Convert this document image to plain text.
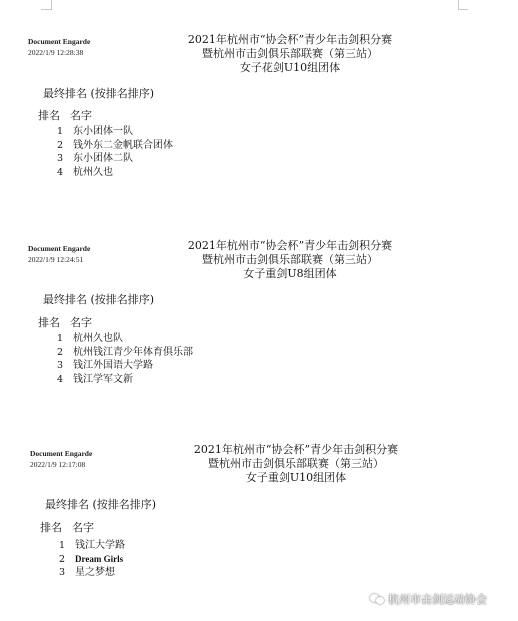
Document Engarde
2022/1/9 12:28:38
2021年杭州市“协会杯”青少年击剑积分赛
暨杭州市击剑俱乐部联赛（第三站）
女子花剑U10组团体
最终排名 (按排名排序)
排名 名字
1 东小团体一队
2 钱外东二金帆联合团体
3 东小团体二队
4 杭州久也
Document Engarde
2022/1/9 12:24:51
2021年杭州市“协会杯”青少年击剑积分赛
暨杭州市击剑俱乐部联赛（第三站）
女子重剑U8组团体
最终排名 (按排名排序)
排名 名字
1 杭州久也队
2 杭州钱江青少年体育俱乐部
3 钱江外国语大学路
4 钱江学军文新
Document Engarde
2022/1/9 12:17:08
2021年杭州市“协会杯”青少年击剑积分赛
暨杭州市击剑俱乐部联赛（第三站）
女子重剑U10组团体
最终排名 (按排名排序)
排名 名字
1 钱江大学路
2 Dream Girls
3 星之梦想
杭州市击剑运动协会
